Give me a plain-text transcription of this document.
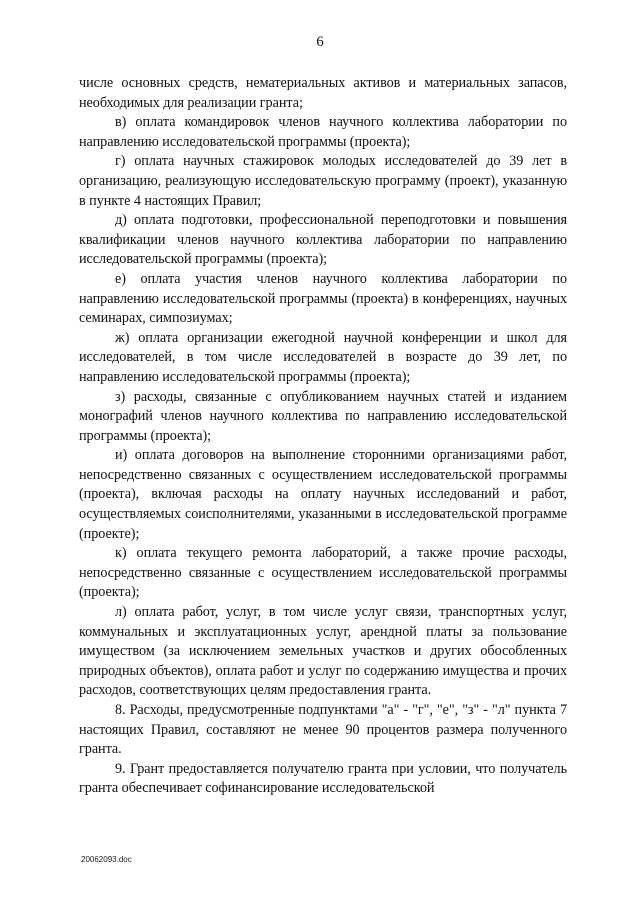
6

числе основных средств, нематериальных активов и материальных запасов, необходимых для реализации гранта;

в) оплата командировок членов научного коллектива лаборатории по направлению исследовательской программы (проекта);

г) оплата научных стажировок молодых исследователей до 39 лет в организацию, реализующую исследовательскую программу (проект), указанную в пункте 4 настоящих Правил;

д) оплата подготовки, профессиональной переподготовки и повышения квалификации членов научного коллектива лаборатории по направлению исследовательской программы (проекта);

е) оплата участия членов научного коллектива лаборатории по направлению исследовательской программы (проекта) в конференциях, научных семинарах, симпозиумах;

ж) оплата организации ежегодной научной конференции и школ для исследователей, в том числе исследователей в возрасте до 39 лет, по направлению исследовательской программы (проекта);

з) расходы, связанные с опубликованием научных статей и изданием монографий членов научного коллектива по направлению исследовательской программы (проекта);

и) оплата договоров на выполнение сторонними организациями работ, непосредственно связанных с осуществлением исследовательской программы (проекта), включая расходы на оплату научных исследований и работ, осуществляемых соисполнителями, указанными в исследовательской программе (проекте);

к) оплата текущего ремонта лабораторий, а также прочие расходы, непосредственно связанные с осуществлением исследовательской программы (проекта);

л) оплата работ, услуг, в том числе услуг связи, транспортных услуг, коммунальных и эксплуатационных услуг, арендной платы за пользование имуществом (за исключением земельных участков и других обособленных природных объектов), оплата работ и услуг по содержанию имущества и прочих расходов, соответствующих целям предоставления гранта.

8. Расходы, предусмотренные подпунктами "а" - "г", "е", "з" - "л" пункта 7 настоящих Правил, составляют не менее 90 процентов размера полученного гранта.

9. Грант предоставляется получателю гранта при условии, что получатель гранта обеспечивает софинансирование исследовательской

20062093.doc
